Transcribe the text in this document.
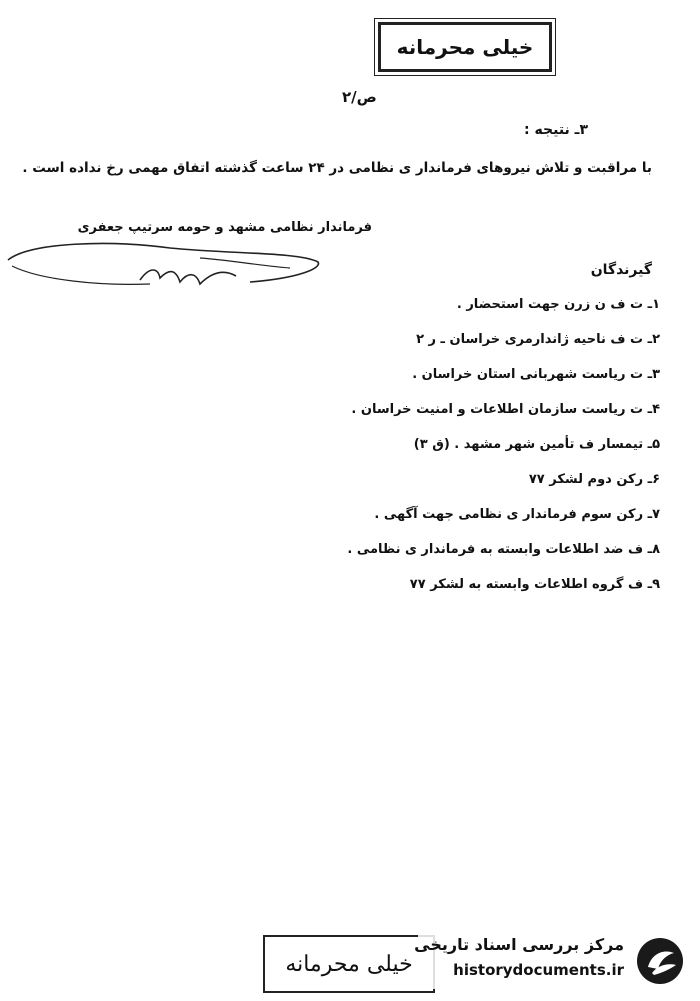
خیلی محرمانه
ص/۲
۳ـ نتیجه :
با مراقبت و تلاش نیروهای فرماندار ی نظامی در ۲۴ ساعت گذشته اتفاق مهمی رخ نداده است .
فرماندار نظامی مشهد و حومه سرتیپ جعفری
گیرندگان
۱ـ ت ف ن زرن جهت استحضار .
۲ـ ت ف ناحیه ژاندارمری خراسان ـ ر ۲
۳ـ ت ریاست شهربانی استان خراسان .
۴ـ ت ریاست سازمان اطلاعات و امنیت خراسان .
۵ـ تیمسار ف تأمین شهر مشهد . (ق ۳)
۶ـ رکن دوم لشکر ۷۷
۷ـ رکن سوم فرماندار ی نظامی جهت آگهی .
۸ـ ف ضد اطلاعات وابسته به فرماندار ی نظامی .
۹ـ ف گروه اطلاعات وابسته به لشکر ۷۷
خیلی محرمانه
مرکز بررسی اسناد تاریخی
historydocuments.ir
